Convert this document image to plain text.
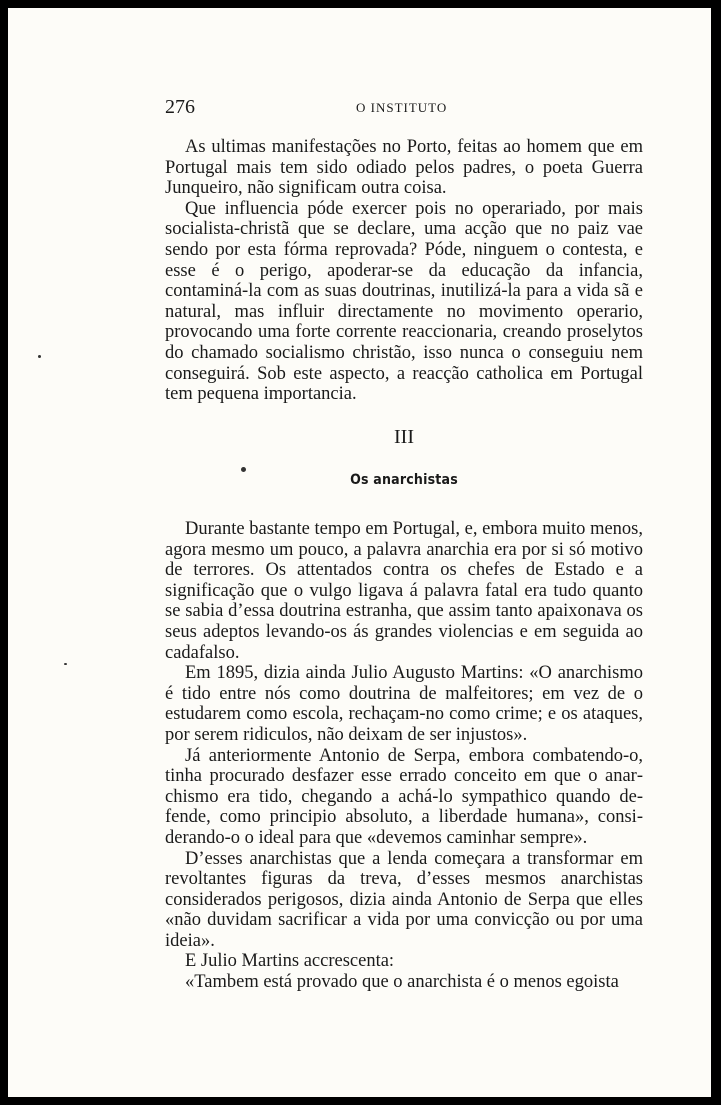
276	O INSTITUTO

As ultimas manifestações no Porto, feitas ao homem que em Portugal mais tem sido odiado pelos padres, o poeta Guerra Junqueiro, não significam outra coisa.

Que influencia póde exercer pois no operariado, por mais socialista-christã que se declare, uma acção que no paiz vae sendo por esta fórma reprovada? Póde, ninguem o contesta, e esse é o perigo, apoderar-se da educação da infancia, contaminá-la com as suas doutrinas, inutilizá-la para a vida sã e natural, mas influir directamente no movimento operario, provocando uma forte corrente reaccionaria, creando proselytos do chamado socialismo christão, isso nunca o conseguiu nem conseguirá. Sob este aspecto, a reacção catholica em Portugal tem pequena importancia.

III

Os anarchistas

Durante bastante tempo em Portugal, e, embora muito menos, agora mesmo um pouco, a palavra anarchia era por si só motivo de terrores. Os attentados contra os chefes de Estado e a significação que o vulgo ligava á palavra fatal era tudo quanto se sabia d’essa doutrina estranha, que assim tanto apaixonava os seus adeptos levando-os ás grandes violencias e em seguida ao cadafalso.

Em 1895, dizia ainda Julio Augusto Martins: «O anarchismo é tido entre nós como doutrina de malfeitores; em vez de o estudarem como escola, rechaçam-no como crime; e os ataques, por serem ridiculos, não deixam de ser injustos».

Já anteriormente Antonio de Serpa, embora combatendo-o, tinha procurado desfazer esse errado conceito em que o anarchismo era tido, chegando a achá-lo sympathico quando defende, como principio absoluto, a liberdade humana», considerando-o o ideal para que «devemos caminhar sempre».

D’esses anarchistas que a lenda começara a transformar em revoltantes figuras da treva, d’esses mesmos anarchistas considerados perigosos, dizia ainda Antonio de Serpa que elles «não duvidam sacrificar a vida por uma convicção ou por uma ideia».

E Julio Martins accrescenta:

«Tambem está provado que o anarchista é o menos egoista
